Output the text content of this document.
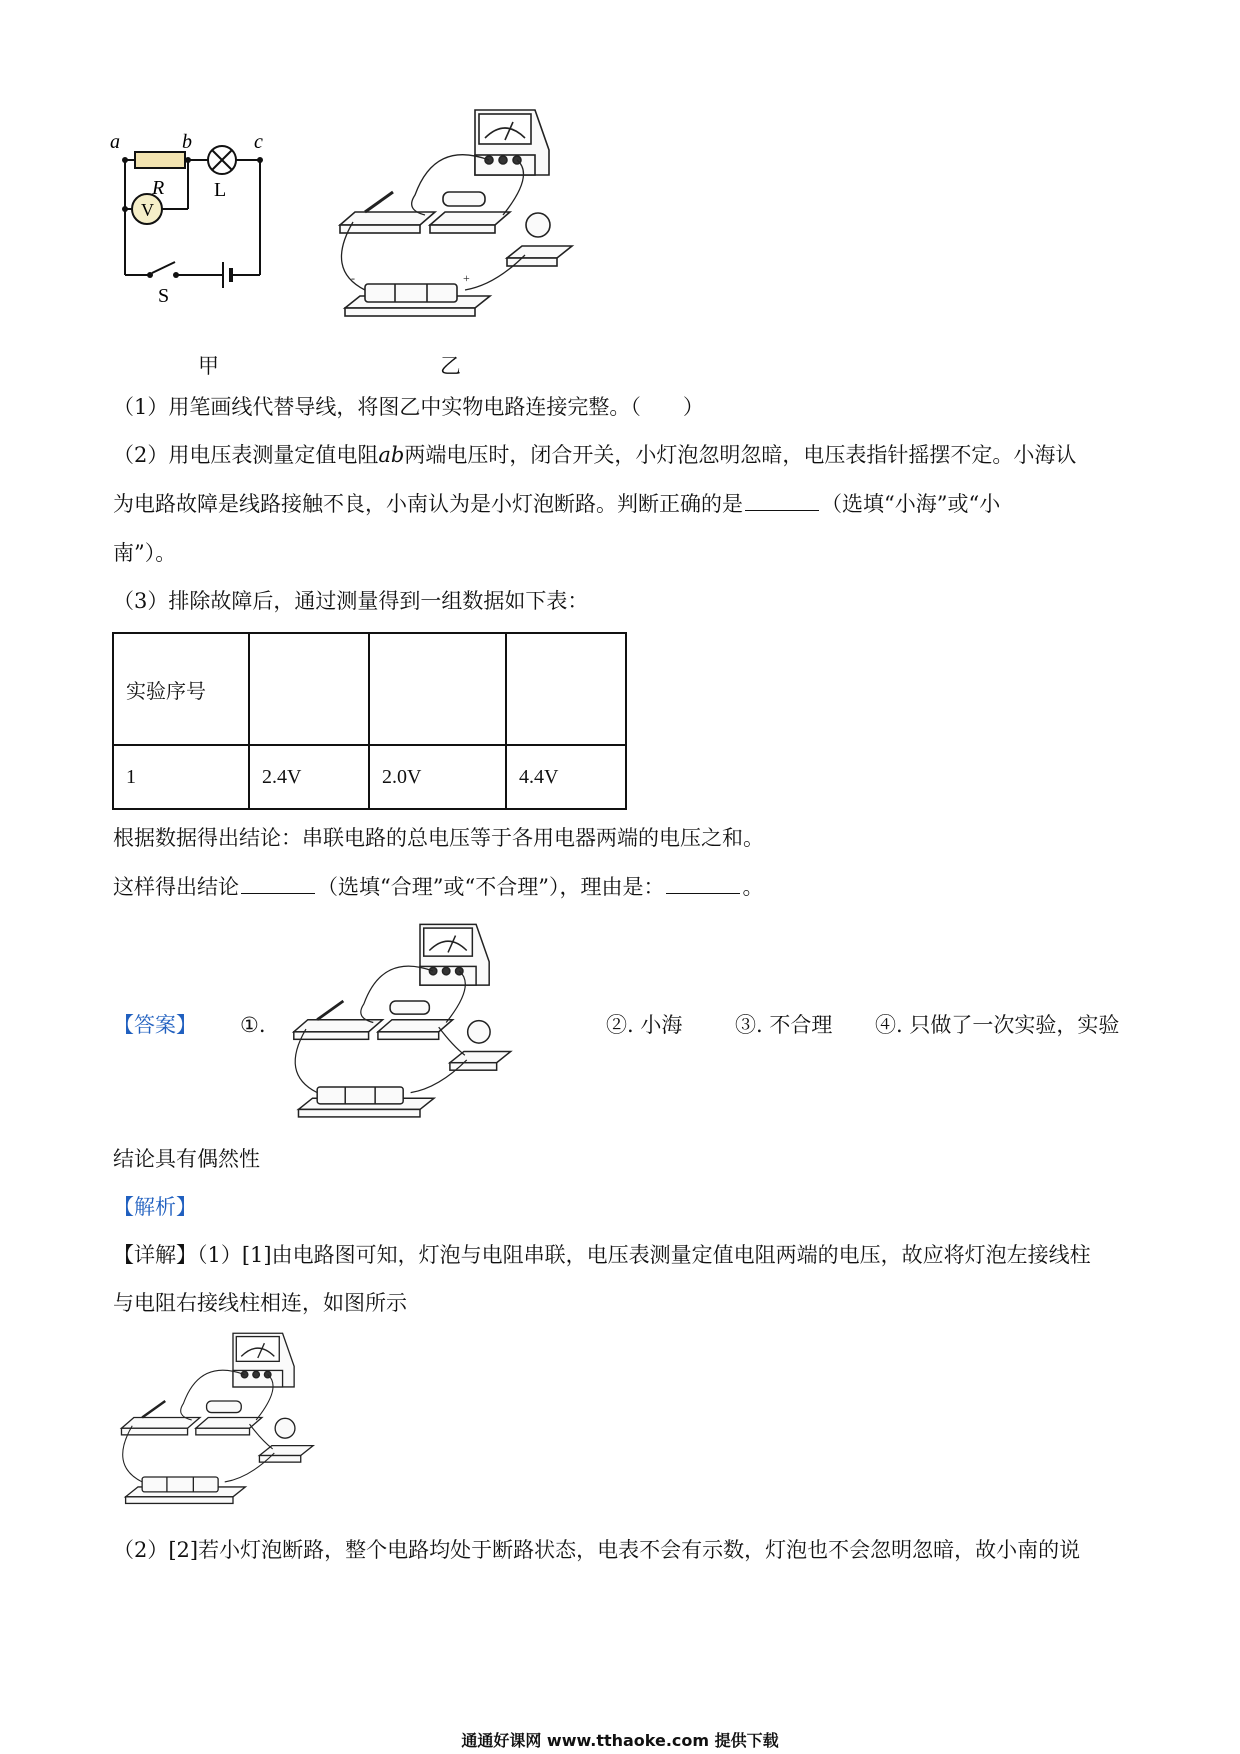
a	b	c
R L
V
S
甲
-	+
乙
（1）用笔画线代替导线，将图乙中实物电路连接完整。（　　）
（2）用电压表测量定值电阻ab两端电压时，闭合开关，小灯泡忽明忽暗，电压表指针摇摆不定。小海认
为电路故障是线路接触不良，小南认为是小灯泡断路。判断正确的是	（选填“小海”或“小
南”）。
（3）排除故障后，通过测量得到一组数据如下表：
实验序号			
1	2.4V	2.0V	4.4V
根据数据得出结论：串联电路的总电压等于各用电器两端的电压之和。
这样得出结论	（选填“合理”或“不合理”），理由是：	。
【答案】 ①.	②. 小海	③. 不合理 ④. 只做了一次实验，实验
结论具有偶然性
【解析】
【详解】（1）[1]由电路图可知，灯泡与电阻串联，电压表测量定值电阻两端的电压，故应将灯泡左接线柱
与电阻右接线柱相连，如图所示
（2）[2]若小灯泡断路，整个电路均处于断路状态，电表不会有示数，灯泡也不会忽明忽暗，故小南的说
通通好课网 www.tthaoke.com 提供下载
